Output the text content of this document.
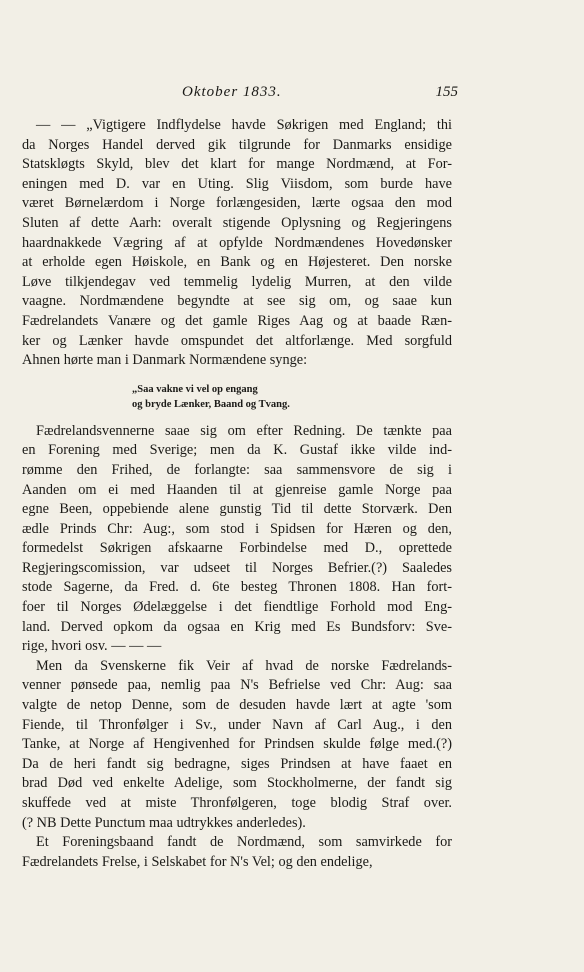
Oktober 1833.	155
— — „Vigtigere Indflydelse havde Søkrigen med England; thi
da Norges Handel derved gik tilgrunde for Danmarks ensidige
Statskløgts Skyld, blev det klart for mange Nordmænd, at For-
eningen med D. var en Uting. Slig Viisdom, som burde have
været Børnelærdom i Norge forlængesiden, lærte ogsaa den mod
Sluten af dette Aarh: overalt stigende Oplysning og Regjeringens
haardnakkede Vægring af at opfylde Nordmændenes Hovedønsker
at erholde egen Høiskole, en Bank og en Højesteret. Den norske
Løve tilkjendegav ved temmelig lydelig Murren, at den vilde
vaagne. Nordmændene begyndte at see sig om, og saae kun
Fædrelandets Vanære og det gamle Riges Aag og at baade Ræn-
ker og Lænker havde omspundet det altforlænge. Med sorgfuld
Ahnen hørte man i Danmark Normændene synge:
„Saa vakne vi vel op engang
og bryde Lænker, Baand og Tvang.
Fædrelandsvennerne saae sig om efter Redning. De tænkte paa
en Forening med Sverige; men da K. Gustaf ikke vilde ind-
rømme den Frihed, de forlangte: saa sammensvore de sig i
Aanden om ei med Haanden til at gjenreise gamle Norge paa
egne Been, oppebiende alene gunstig Tid til dette Storværk. Den
ædle Prinds Chr: Aug:, som stod i Spidsen for Hæren og den,
formedelst Søkrigen afskaarne Forbindelse med D., oprettede
Regjeringscomission, var udseet til Norges Befrier.(?) Saaledes
stode Sagerne, da Fred. d. 6te besteg Thronen 1808. Han fort-
foer til Norges Ødelæggelse i det fiendtlige Forhold mod Eng-
land. Derved opkom da ogsaa en Krig med Es Bundsforv: Sve-
rige, hvori osv. — — —
Men da Svenskerne fik Veir af hvad de norske Fædrelands-
venner pønsede paa, nemlig paa N's Befrielse ved Chr: Aug: saa
valgte de netop Denne, som de desuden havde lært at agte 'som
Fiende, til Thronfølger i Sv., under Navn af Carl Aug., i den
Tanke, at Norge af Hengivenhed for Prindsen skulde følge med.(?)
Da de heri fandt sig bedragne, siges Prindsen at have faaet en
brad Død ved enkelte Adelige, som Stockholmerne, der fandt sig
skuffede ved at miste Thronfølgeren, toge blodig Straf over.
(? NB Dette Punctum maa udtrykkes anderledes).
Et Foreningsbaand fandt de Nordmænd, som samvirkede for
Fædrelandets Frelse, i Selskabet for N's Vel; og den endelige,
